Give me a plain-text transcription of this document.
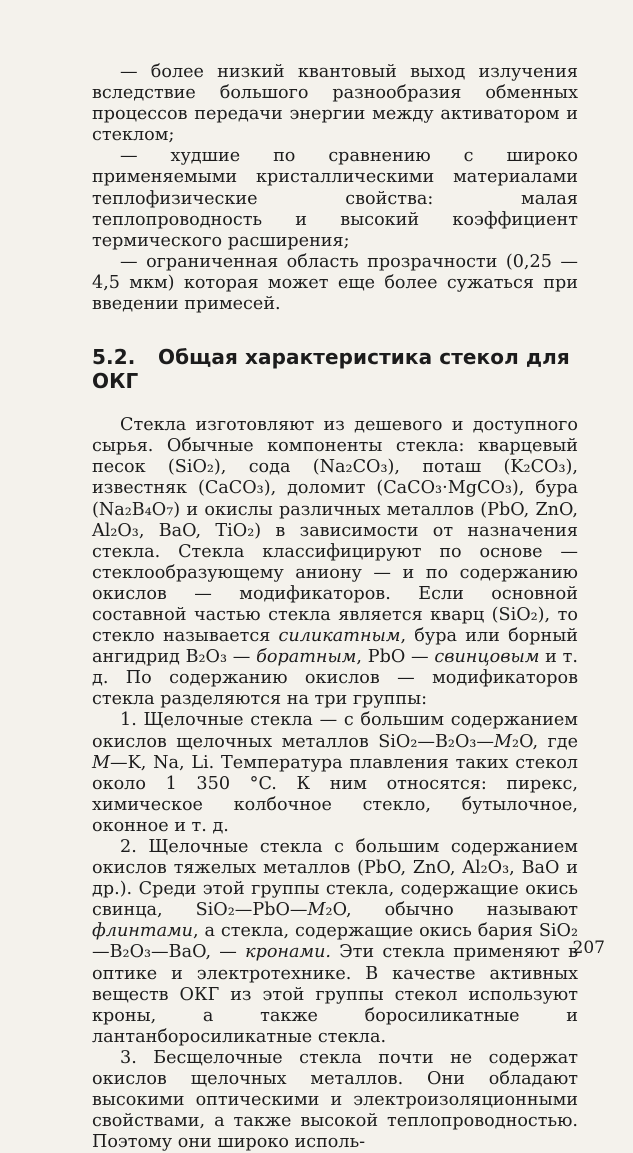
— более низкий квантовый выход излучения вследствие большого разнообразия обменных процессов передачи энергии между активатором и стеклом;

— худшие по сравнению с широко применяемыми кристаллическими материалами теплофизические свойства: малая теплопроводность и высокий коэффициент термического расширения;

— ограниченная область прозрачности (0,25 — 4,5 мкм) которая может еще более сужаться при введении примесей.

5.2. Общая характеристика стекол для ОКГ

Стекла изготовляют из дешевого и доступного сырья. Обычные компоненты стекла: кварцевый песок (SiO₂), сода (Na₂CO₃), поташ (K₂CO₃), известняк (CaCO₃), доломит (CaCO₃·MgCO₃), бура (Na₂B₄O₇) и окислы различных металлов (PbO, ZnO, Al₂O₃, BaO, TiO₂) в зависимости от назначения стекла. Стекла классифицируют по основе — стеклообразующему аниону — и по содержанию окислов — модификаторов. Если основной составной частью стекла является кварц (SiO₂), то стекло называется силикатным, бура или борный ангидрид B₂O₃ — боратным, PbO — свинцовым и т. д. По содержанию окислов — модификаторов стекла разделяются на три группы:

1. Щелочные стекла — с большим содержанием окислов щелочных металлов SiO₂—B₂O₃—M₂O, где M—K, Na, Li. Температура плавления таких стекол около 1 350 °C. К ним относятся: пирекс, химическое колбочное стекло, бутылочное, оконное и т. д.

2. Щелочные стекла с большим содержанием окислов тяжелых металлов (PbO, ZnO, Al₂O₃, BaO и др.). Среди этой группы стекла, содержащие окись свинца, SiO₂—PbO—M₂O, обычно называют флинтами, а стекла, содержащие окись бария SiO₂—B₂O₃—BaO, — кронами. Эти стекла применяют в оптике и электротехнике. В качестве активных веществ ОКГ из этой группы стекол используют кроны, а также боросиликатные и лантанборосиликатные стекла.

3. Бесщелочные стекла почти не содержат окислов щелочных металлов. Они обладают высокими оптическими и электроизоляционными свойствами, а также высокой теплопроводностью. Поэтому они широко исполь-

207
